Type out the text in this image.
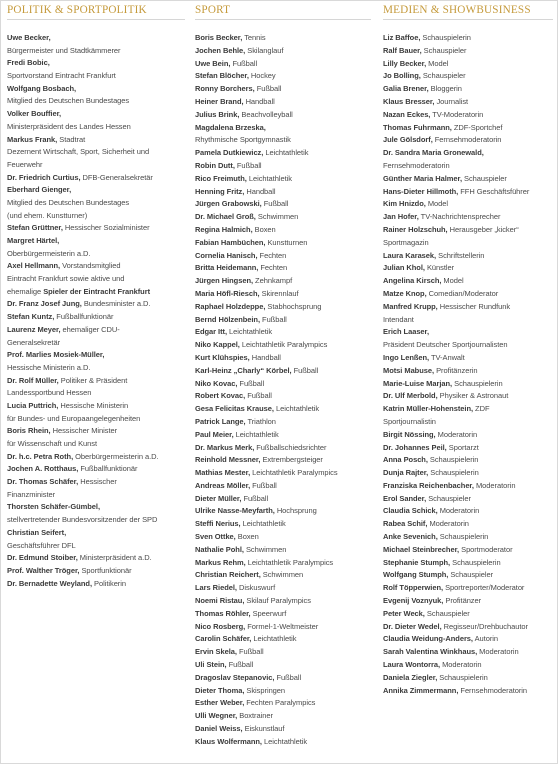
POLITIK & SPORTPOLITIK
Uwe Becker,
Bürgermeister und Stadtkämmerer
Fredi Bobic,
Sportvorstand Eintracht Frankfurt
Wolfgang Bosbach,
Mitglied des Deutschen Bundestages
Volker Bouffier,
Ministerpräsident des Landes Hessen
Markus Frank, Stadtrat
Dezernent Wirtschaft, Sport, Sicherheit und
Feuerwehr
Dr. Friedrich Curtius, DFB-Generalsekretär
Eberhard Gienger,
Mitglied des Deutschen Bundestages
(und ehem. Kunstturner)
Stefan Grüttner, Hessischer Sozialminister
Margret Härtel,
Oberbürgermeisterin a.D.
Axel Hellmann, Vorstandsmitglied
Eintracht Frankfurt sowie aktive und
ehemalige Spieler der Eintracht Frankfurt
Dr. Franz Josef Jung, Bundesminister a.D.
Stefan Kuntz, Fußballfunktionär
Laurenz Meyer, ehemaliger CDU-
Generalsekretär
Prof. Marlies Mosiek-Müller,
Hessische Ministerin a.D.
Dr. Rolf Müller, Politiker & Präsident
Landessportbund Hessen
Lucia Puttrich, Hessische Ministerin
für Bundes- und Europaangelegenheiten
Boris Rhein, Hessischer Minister
für Wissenschaft und Kunst
Dr. h.c. Petra Roth, Oberbürgermeisterin a.D.
Jochen A. Rotthaus, Fußballfunktionär
Dr. Thomas Schäfer, Hessischer
Finanzminister
Thorsten Schäfer-Gümbel,
stellvertretender Bundesvorsitzender der SPD
Christian Seifert,
Geschäftsführer DFL
Dr. Edmund Stoiber, Ministerpräsident a.D.
Prof. Walther Tröger, Sportfunktionär
Dr. Bernadette Weyland, Politikerin
SPORT
Boris Becker, Tennis
Jochen Behle, Skilanglauf
Uwe Bein, Fußball
Stefan Blöcher, Hockey
Ronny Borchers, Fußball
Heiner Brand, Handball
Julius Brink, Beachvolleyball
Magdalena Brzeska,
Rhythmische Sportgymnastik
Pamela Dutkiewicz, Leichtathletik
Robin Dutt, Fußball
Rico Freimuth, Leichtathletik
Henning Fritz, Handball
Jürgen Grabowski, Fußball
Dr. Michael Groß, Schwimmen
Regina Halmich, Boxen
Fabian Hambüchen, Kunstturnen
Cornelia Hanisch, Fechten
Britta Heidemann, Fechten
Jürgen Hingsen, Zehnkampf
Maria Höfl-Riesch, Skirennlauf
Raphael Holzdeppe, Stabhochsprung
Bernd Hölzenbein, Fußball
Edgar Itt, Leichtathletik
Niko Kappel, Leichtathletik Paralympics
Kurt Klühspies, Handball
Karl-Heinz „Charly“ Körbel, Fußball
Niko Kovac, Fußball
Robert Kovac, Fußball
Gesa Felicitas Krause, Leichtathletik
Patrick Lange, Triathlon
Paul Meier, Leichtathletik
Dr. Markus Merk, Fußballschiedsrichter
Reinhold Messner, Extrembergsteiger
Mathias Mester, Leichtathletik Paralympics
Andreas Möller, Fußball
Dieter Müller, Fußball
Ulrike Nasse-Meyfarth, Hochsprung
Steffi Nerius, Leichtathletik
Sven Ottke, Boxen
Nathalie Pohl, Schwimmen
Markus Rehm, Leichtathletik Paralympics
Christian Reichert, Schwimmen
Lars Riedel, Diskuswurf
Noemi Ristau, Skilauf Paralympics
Thomas Röhler, Speerwurf
Nico Rosberg, Formel-1-Weltmeister
Carolin Schäfer, Leichtathletik
Ervin Skela, Fußball
Uli Stein, Fußball
Dragoslav Stepanovic, Fußball
Dieter Thoma, Skispringen
Esther Weber, Fechten Paralympics
Ulli Wegner, Boxtrainer
Daniel Weiss, Eiskunstlauf
Klaus Wolfermann, Leichtathletik
MEDIEN & SHOWBUSINESS
Liz Baffoe, Schauspielerin
Ralf Bauer, Schauspieler
Lilly Becker, Model
Jo Bolling, Schauspieler
Galia Brener, Bloggerin
Klaus Bresser, Journalist
Nazan Eckes, TV-Moderatorin
Thomas Fuhrmann, ZDF-Sportchef
Jule Gölsdorf, Fernsehmoderatorin
Dr. Sandra Maria Gronewald,
Fernsehmoderatorin
Günther Maria Halmer, Schauspieler
Hans-Dieter Hillmoth, FFH Geschäftsführer
Kim Hnizdo, Model
Jan Hofer, TV-Nachrichtensprecher
Rainer Holzschuh, Herausgeber „kicker“
Sportmagazin
Laura Karasek, Schriftstellerin
Julian Khol, Künstler
Angelina Kirsch, Model
Matze Knop, Comedian/Moderator
Manfred Krupp, Hessischer Rundfunk
Intendant
Erich Laaser,
Präsident Deutscher Sportjournalisten
Ingo Lenßen, TV-Anwalt
Motsi Mabuse, Profitänzerin
Marie-Luise Marjan, Schauspielerin
Dr. Ulf Merbold, Physiker & Astronaut
Katrin Müller-Hohenstein, ZDF
Sportjournalistin
Birgit Nössing, Moderatorin
Dr. Johannes Peil, Sportarzt
Anna Posch, Schauspielerin
Dunja Rajter, Schauspielerin
Franziska Reichenbacher, Moderatorin
Erol Sander, Schauspieler
Claudia Schick, Moderatorin
Rabea Schif, Moderatorin
Anke Sevenich, Schauspielerin
Michael Steinbrecher, Sportmoderator
Stephanie Stumph, Schauspielerin
Wolfgang Stumph, Schauspieler
Rolf Töpperwien, Sportreporter/Moderator
Evgenij Voznyuk, Profitänzer
Peter Weck, Schauspieler
Dr. Dieter Wedel, Regisseur/Drehbuchautor
Claudia Weidung-Anders, Autorin
Sarah Valentina Winkhaus, Moderatorin
Laura Wontorra, Moderatorin
Daniela Ziegler, Schauspielerin
Annika Zimmermann, Fernsehmoderatorin
